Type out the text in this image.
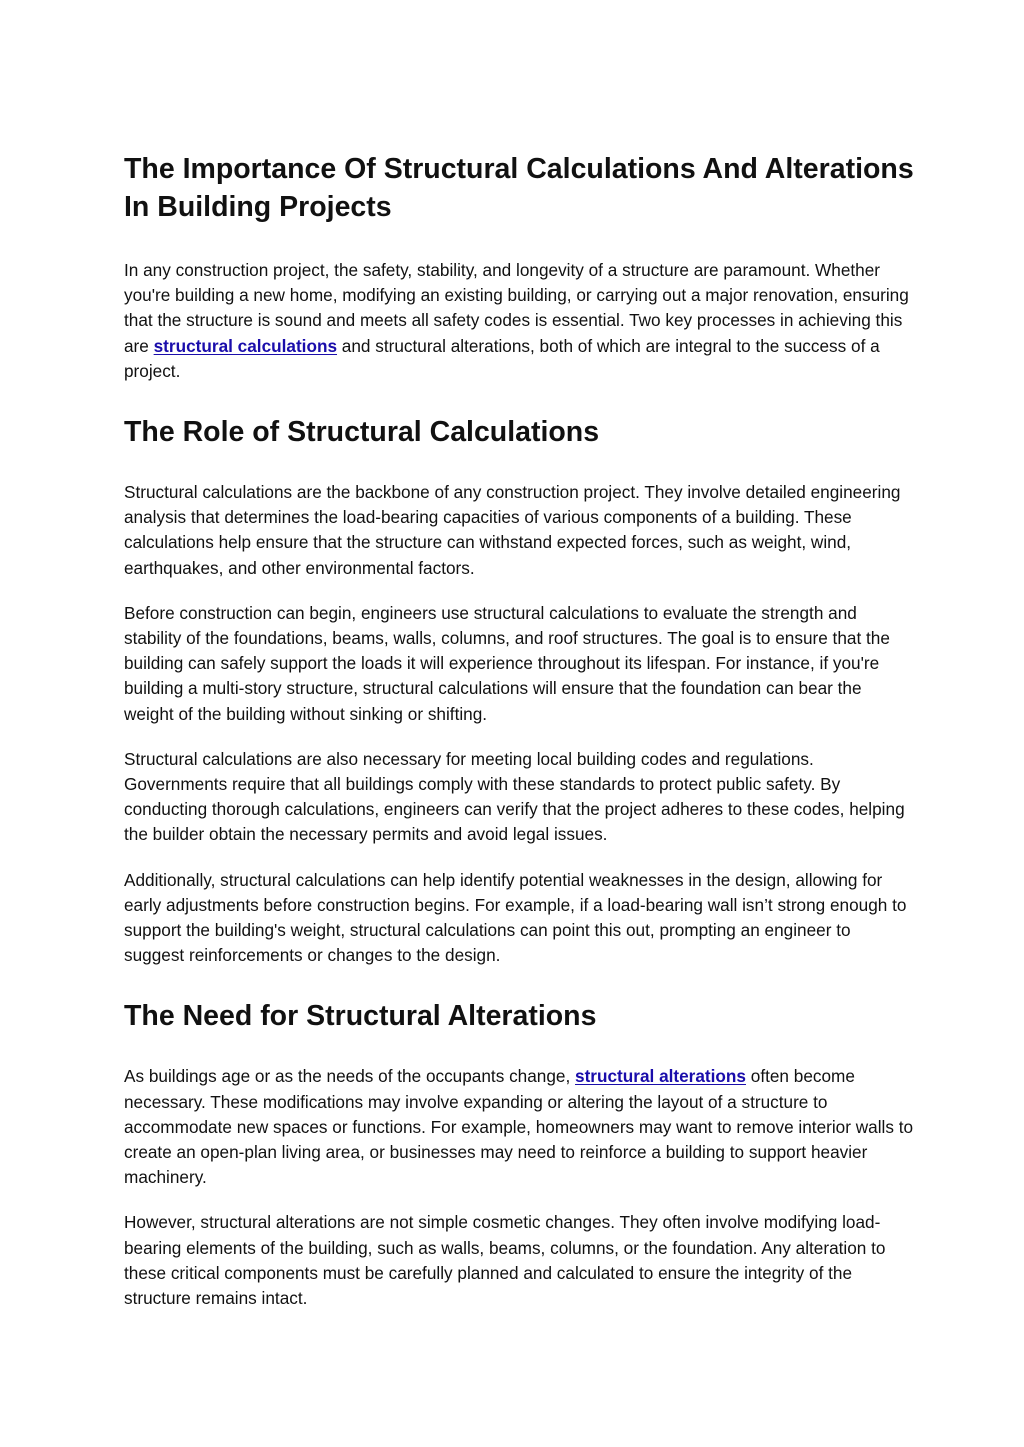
The Importance Of Structural Calculations And Alterations In Building Projects

In any construction project, the safety, stability, and longevity of a structure are paramount. Whether you're building a new home, modifying an existing building, or carrying out a major renovation, ensuring that the structure is sound and meets all safety codes is essential. Two key processes in achieving this are structural calculations and structural alterations, both of which are integral to the success of a project.

The Role of Structural Calculations

Structural calculations are the backbone of any construction project. They involve detailed engineering analysis that determines the load-bearing capacities of various components of a building. These calculations help ensure that the structure can withstand expected forces, such as weight, wind, earthquakes, and other environmental factors.

Before construction can begin, engineers use structural calculations to evaluate the strength and stability of the foundations, beams, walls, columns, and roof structures. The goal is to ensure that the building can safely support the loads it will experience throughout its lifespan. For instance, if you're building a multi-story structure, structural calculations will ensure that the foundation can bear the weight of the building without sinking or shifting.

Structural calculations are also necessary for meeting local building codes and regulations. Governments require that all buildings comply with these standards to protect public safety. By conducting thorough calculations, engineers can verify that the project adheres to these codes, helping the builder obtain the necessary permits and avoid legal issues.

Additionally, structural calculations can help identify potential weaknesses in the design, allowing for early adjustments before construction begins. For example, if a load-bearing wall isn’t strong enough to support the building's weight, structural calculations can point this out, prompting an engineer to suggest reinforcements or changes to the design.

The Need for Structural Alterations

As buildings age or as the needs of the occupants change, structural alterations often become necessary. These modifications may involve expanding or altering the layout of a structure to accommodate new spaces or functions. For example, homeowners may want to remove interior walls to create an open-plan living area, or businesses may need to reinforce a building to support heavier machinery.

However, structural alterations are not simple cosmetic changes. They often involve modifying load-bearing elements of the building, such as walls, beams, columns, or the foundation. Any alteration to these critical components must be carefully planned and calculated to ensure the integrity of the structure remains intact.
